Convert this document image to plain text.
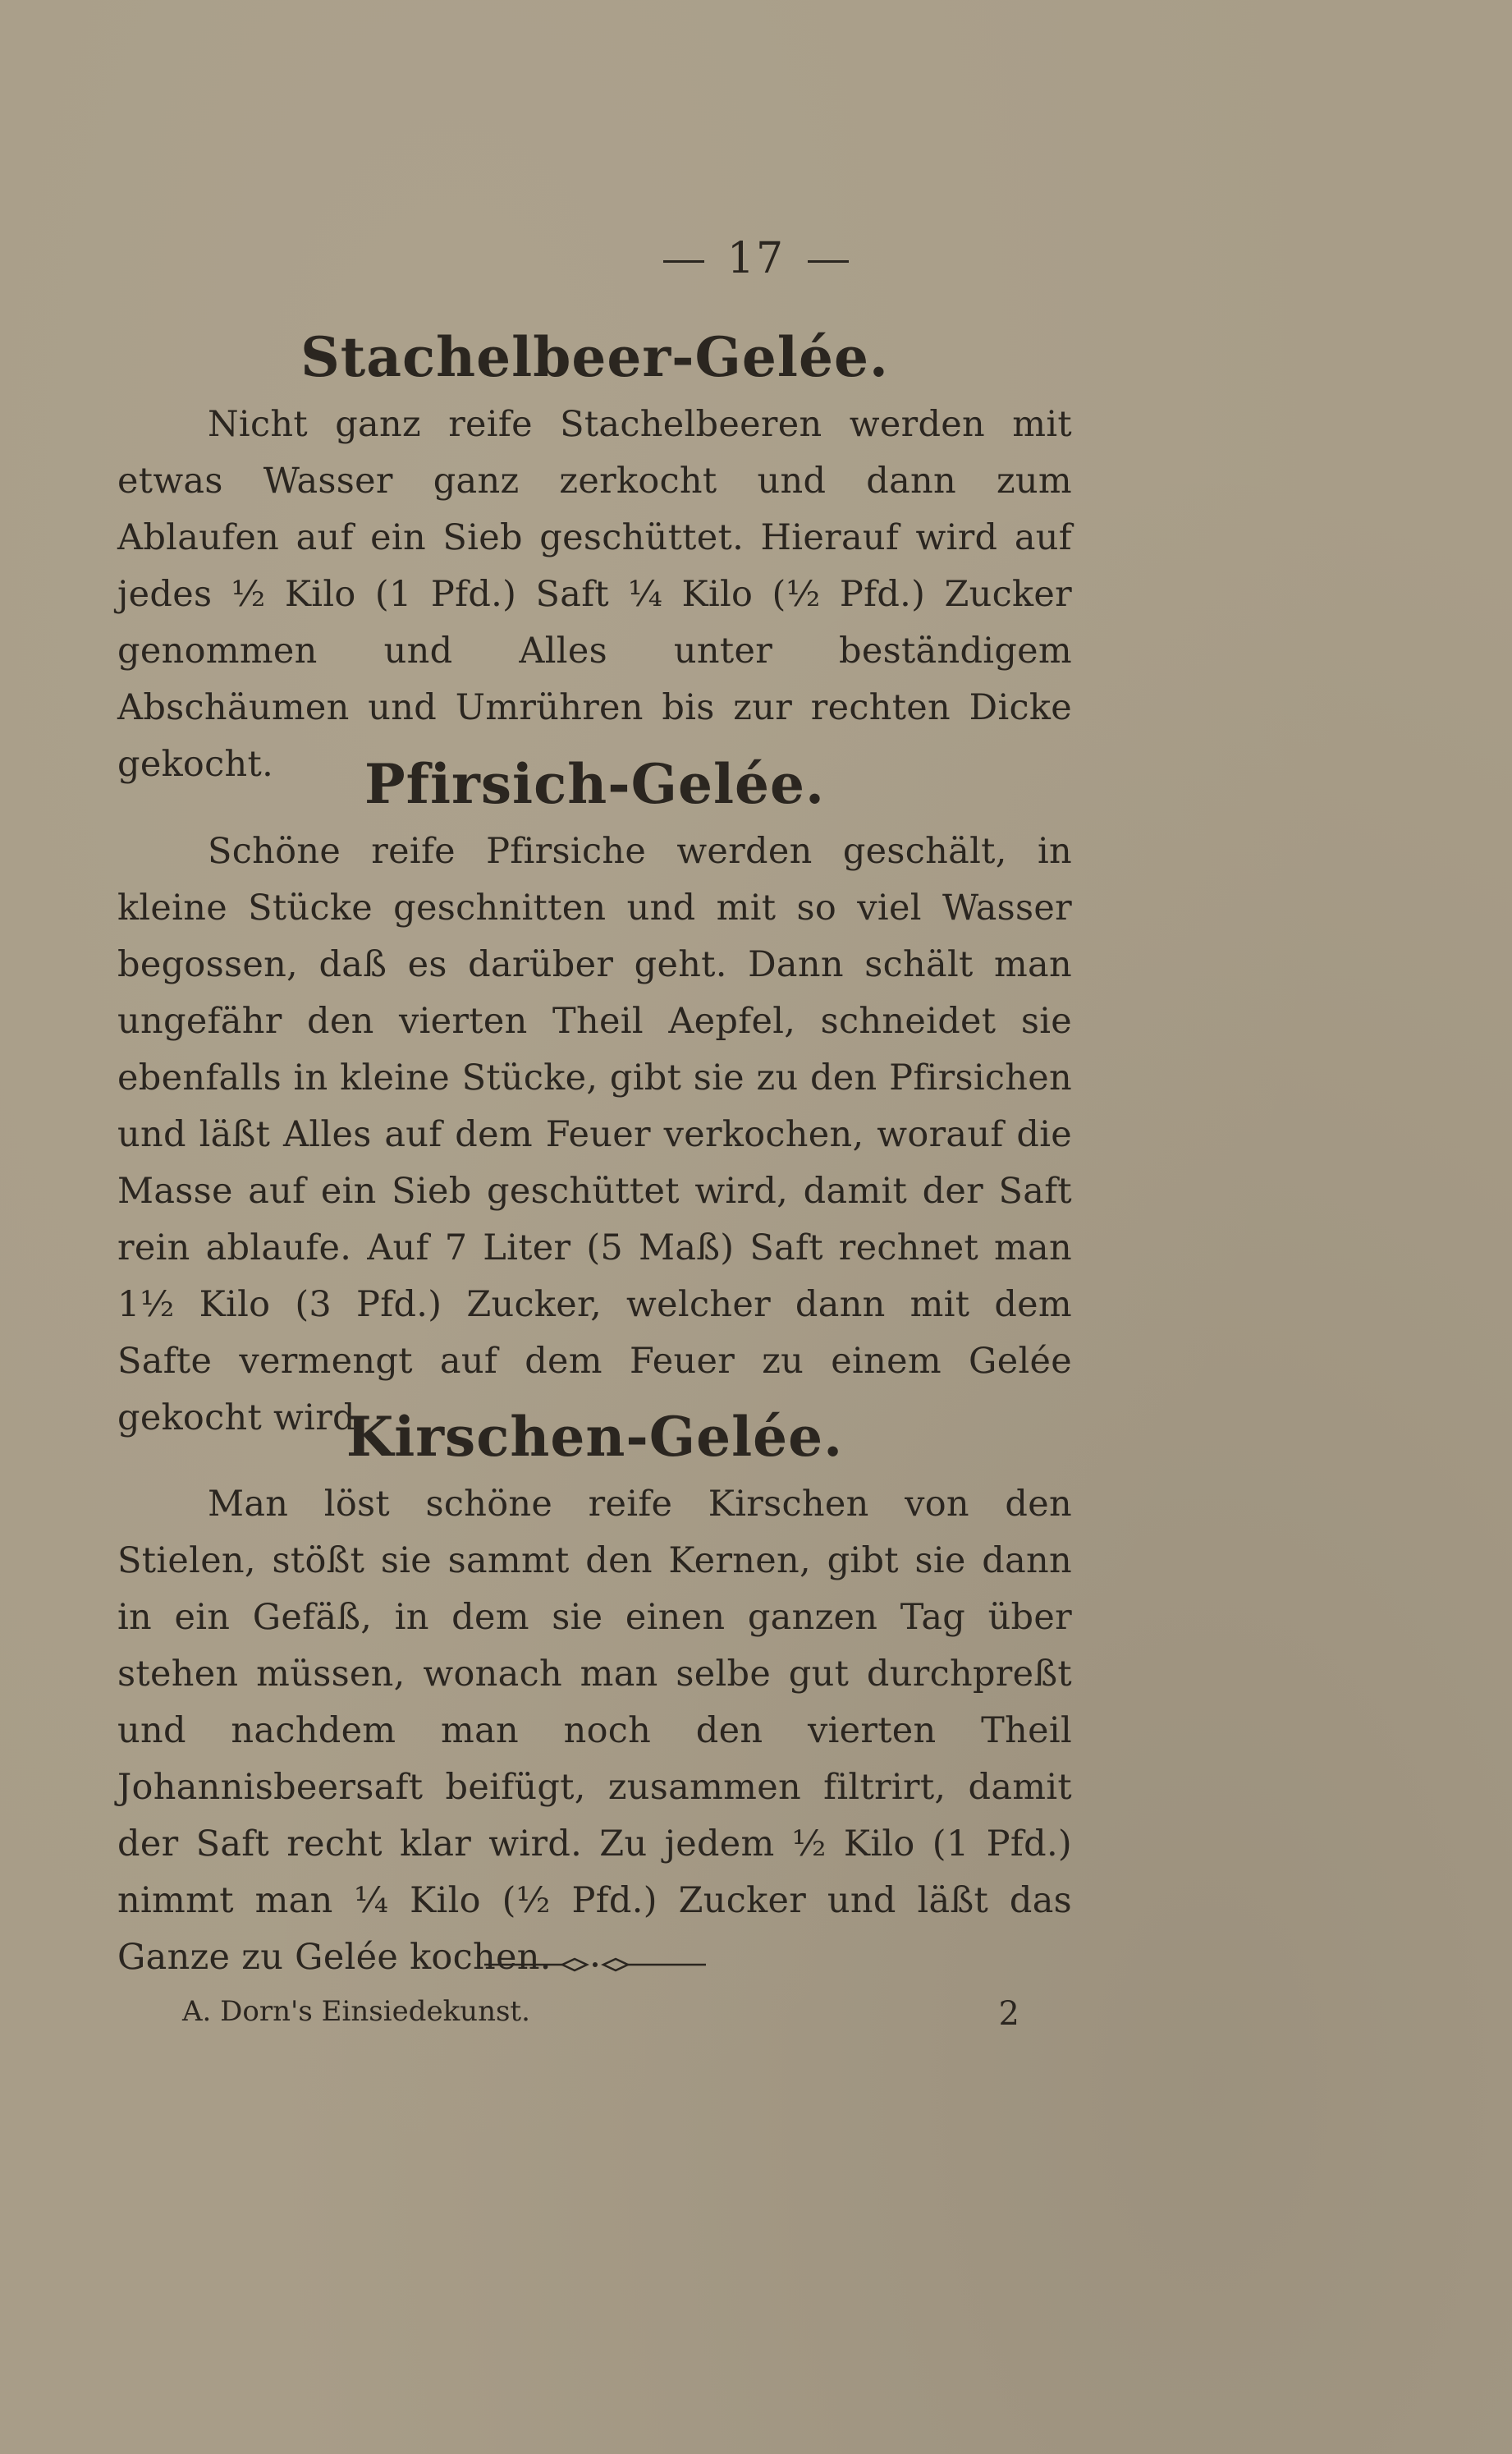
17
Stachelbeer-Gelée.

Nicht ganz reife Stachelbeeren werden mit etwas Wasser ganz zerkocht und dann zum Ablaufen auf ein Sieb geschüttet. Hierauf wird auf jedes ½ Kilo (1 Pfd.) Saft ¼ Kilo (½ Pfd.) Zucker genommen und Alles unter beständigem Abschäumen und Umrühren bis zur rechten Dicke gekocht.	Pfirsich-Gelée.

Schöne reife Pfirsiche werden geschält, in kleine Stücke geschnitten und mit so viel Wasser begossen, daß es darüber geht. Dann schält man ungefähr den vierten Theil Aepfel, schneidet sie ebenfalls in kleine Stücke, gibt sie zu den Pfirsichen und läßt Alles auf dem Feuer verkochen, worauf die Masse auf ein Sieb geschüttet wird, damit der Saft rein ablaufe. Auf 7 Liter (5 Maß) Saft rechnet man 1½ Kilo (3 Pfd.) Zucker, welcher dann mit dem Safte vermengt auf dem Feuer zu einem Gelée gekocht wird.

Kirschen-Gelée.

Man löst schöne reife Kirschen von den Stielen, stößt sie sammt den Kernen, gibt sie dann in ein Gefäß, in dem sie einen ganzen Tag über stehen müssen, wonach man selbe gut durchpreßt und nachdem man noch den vierten Theil Johannisbeersaft beifügt, zusammen filtrirt, damit der Saft recht klar wird. Zu jedem ½ Kilo (1 Pfd.) nimmt man ¼ Kilo (½ Pfd.) Zucker und läßt das Ganze zu Gelée kochen.

A. Dorn's Einsiedekunst.	2
